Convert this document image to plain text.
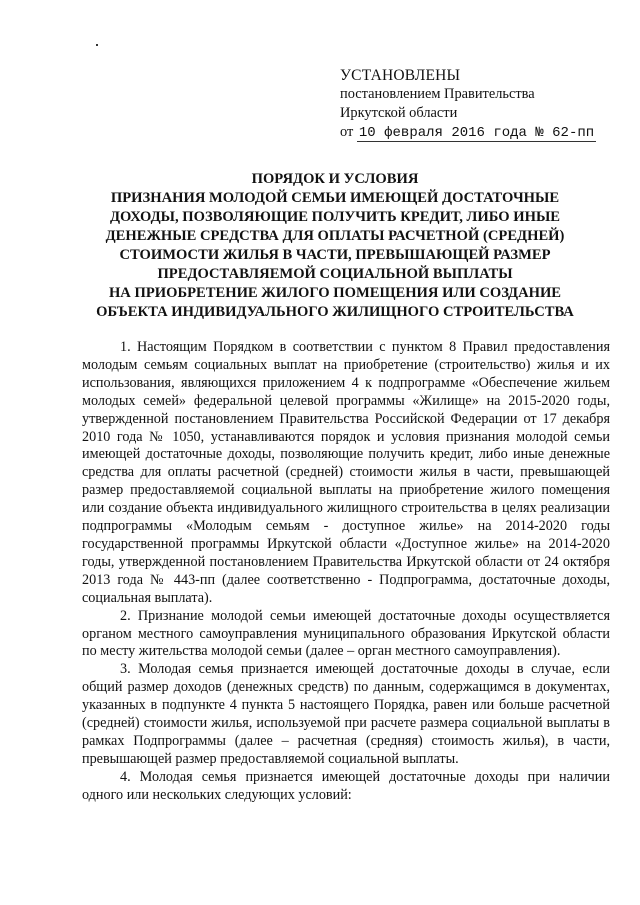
УСТАНОВЛЕНЫ
постановлением Правительства
Иркутской области
от 10 февраля 2016 года № 62-пп
ПОРЯДОК И УСЛОВИЯ
ПРИЗНАНИЯ МОЛОДОЙ СЕМЬИ ИМЕЮЩЕЙ ДОСТАТОЧНЫЕ
ДОХОДЫ, ПОЗВОЛЯЮЩИЕ ПОЛУЧИТЬ КРЕДИТ, ЛИБО ИНЫЕ
ДЕНЕЖНЫЕ СРЕДСТВА ДЛЯ ОПЛАТЫ РАСЧЕТНОЙ (СРЕДНЕЙ)
СТОИМОСТИ ЖИЛЬЯ В ЧАСТИ, ПРЕВЫШАЮЩЕЙ РАЗМЕР
ПРЕДОСТАВЛЯЕМОЙ СОЦИАЛЬНОЙ ВЫПЛАТЫ
НА ПРИОБРЕТЕНИЕ ЖИЛОГО ПОМЕЩЕНИЯ ИЛИ СОЗДАНИЕ
ОБЪЕКТА ИНДИВИДУАЛЬНОГО ЖИЛИЩНОГО СТРОИТЕЛЬСТВА

1. Настоящим Порядком в соответствии с пунктом 8 Правил предоставления молодым семьям социальных выплат на приобретение (строительство) жилья и их использования, являющихся приложением 4 к подпрограмме «Обеспечение жильем молодых семей» федеральной целевой программы «Жилище» на 2015-2020 годы, утвержденной постановлением Правительства Российской Федерации от 17 декабря 2010 года № 1050, устанавливаются порядок и условия признания молодой семьи имеющей достаточные доходы, позволяющие получить кредит, либо иные денежные средства для оплаты расчетной (средней) стоимости жилья в части, превышающей размер предоставляемой социальной выплаты на приобретение жилого помещения или создание объекта индивидуального жилищного строительства в целях реализации подпрограммы «Молодым семьям - доступное жилье» на 2014-2020 годы государственной программы Иркутской области «Доступное жилье» на 2014-2020 годы, утвержденной постановлением Правительства Иркутской области от 24 октября 2013 года № 443-пп (далее соответственно - Подпрограмма, достаточные доходы, социальная выплата).

2. Признание молодой семьи имеющей достаточные доходы осуществляется органом местного самоуправления муниципального образования Иркутской области по месту жительства молодой семьи (далее – орган местного самоуправления).

3. Молодая семья признается имеющей достаточные доходы в случае, если общий размер доходов (денежных средств) по данным, содержащимся в документах, указанных в подпункте 4 пункта 5 настоящего Порядка, равен или больше расчетной (средней) стоимости жилья, используемой при расчете размера социальной выплаты в рамках Подпрограммы (далее – расчетная (средняя) стоимость жилья), в части, превышающей размер предоставляемой социальной выплаты.

4. Молодая семья признается имеющей достаточные доходы при наличии одного или нескольких следующих условий:
